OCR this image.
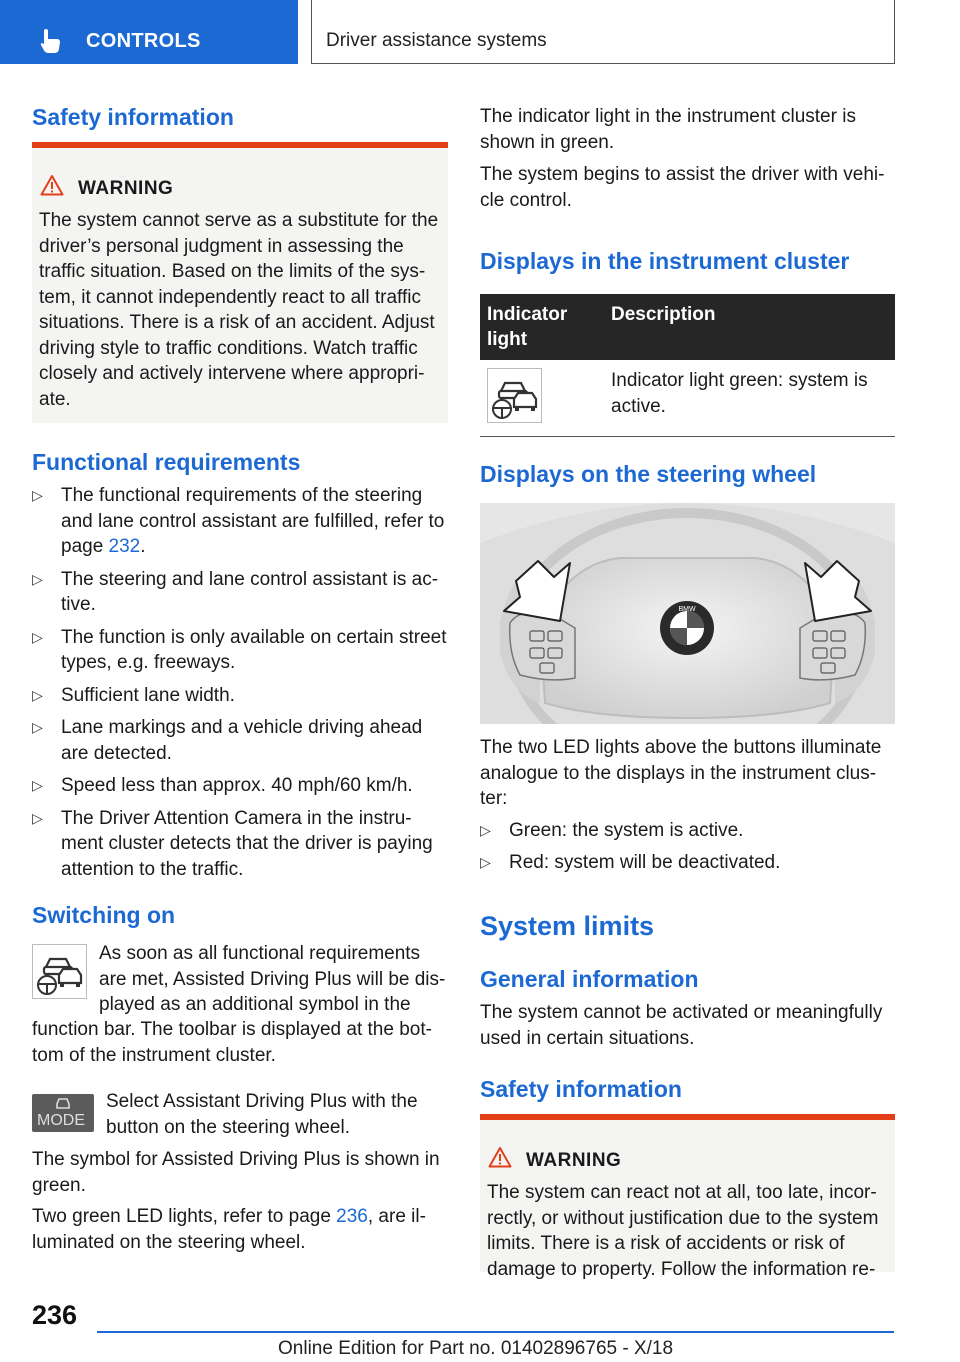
CONTROLS	Driver assistance systems
Safety information
WARNING
The system cannot serve as a substitute for the
driver’s personal judgment in assessing the
traffic situation. Based on the limits of the sys-
tem, it cannot independently react to all traffic
situations. There is a risk of an accident. Adjust
driving style to traffic conditions. Watch traffic
closely and actively intervene where appropri-
ate.
Functional requirements
▷ The functional requirements of the steering
and lane control assistant are fulfilled, refer to
page 232.
▷ The steering and lane control assistant is ac-
tive.
▷ The function is only available on certain street
types, e.g. freeways.
▷ Sufficient lane width.
▷ Lane markings and a vehicle driving ahead
are detected.
▷ Speed less than approx. 40 mph/60 km/h.
▷ The Driver Attention Camera in the instru-
ment cluster detects that the driver is paying
attention to the traffic.
Switching on
As soon as all functional requirements
are met, Assisted Driving Plus will be dis-
played as an additional symbol in the
function bar. The toolbar is displayed at the bot-
tom of the instrument cluster.
MODE
Select Assistant Driving Plus with the
button on the steering wheel.
The symbol for Assisted Driving Plus is shown in
green.
Two green LED lights, refer to page 236, are il-
luminated on the steering wheel.
The indicator light in the instrument cluster is
shown in green.
The system begins to assist the driver with vehi-
cle control.
Displays in the instrument cluster
Indicator
light	Description

Indicator light green: system is
active.
Displays on the steering wheel
BMW
The two LED lights above the buttons illuminate
analogue to the displays in the instrument clus-
ter:
▷ Green: the system is active.
▷ Red: system will be deactivated.
System limits
General information
The system cannot be activated or meaningfully
used in certain situations.
Safety information
WARNING
The system can react not at all, too late, incor-
rectly, or without justification due to the system
limits. There is a risk of accidents or risk of
damage to property. Follow the information re-
236
Online Edition for Part no. 01402896765 - X/18
